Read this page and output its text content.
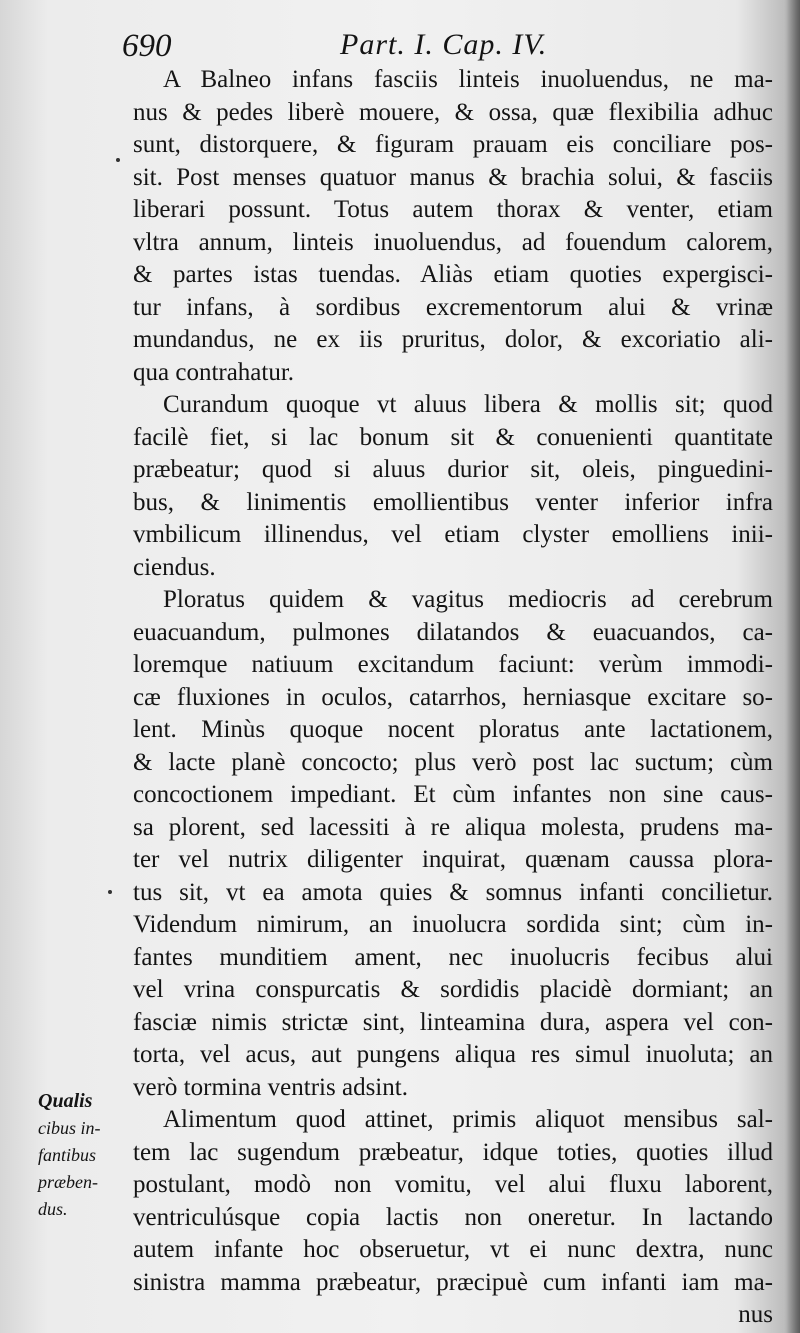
690	Part. I. Cap. IV.
A Balneo infans fasciis linteis inuoluendus, ne ma-
nus & pedes liberè mouere, & ossa, quæ flexibilia adhuc
sunt, distorquere, & figuram prauam eis conciliare pos-
sit. Post menses quatuor manus & brachia solui, & fasciis
liberari possunt. Totus autem thorax & venter, etiam
vltra annum, linteis inuoluendus, ad fouendum calorem,
& partes istas tuendas. Aliàs etiam quoties expergisci-
tur infans, à sordibus excrementorum alui & vrinæ
mundandus, ne ex iis pruritus, dolor, & excoriatio ali-
qua contrahatur.
Curandum quoque vt aluus libera & mollis sit; quod
facilè fiet, si lac bonum sit & conuenienti quantitate
præbeatur; quod si aluus durior sit, oleis, pinguedini-
bus, & linimentis emollientibus venter inferior infra
vmbilicum illinendus, vel etiam clyster emolliens inii-
ciendus.
Ploratus quidem & vagitus mediocris ad cerebrum
euacuandum, pulmones dilatandos & euacuandos, ca-
loremque natiuum excitandum faciunt: verùm immodi-
cæ fluxiones in oculos, catarrhos, herniasque excitare so-
lent. Minùs quoque nocent ploratus ante lactationem,
& lacte planè concocto; plus verò post lac suctum; cùm
concoctionem impediant. Et cùm infantes non sine caus-
sa plorent, sed lacessiti à re aliqua molesta, prudens ma-
ter vel nutrix diligenter inquirat, quænam caussa plora-
tus sit, vt ea amota quies & somnus infanti concilietur.
Videndum nimirum, an inuolucra sordida sint; cùm in-
fantes munditiem ament, nec inuolucris fecibus alui
vel vrina conspurcatis & sordidis placidè dormiant; an
fasciæ nimis strictæ sint, linteamina dura, aspera vel con-
torta, vel acus, aut pungens aliqua res simul inuoluta; an
verò tormina ventris adsint.
Alimentum quod attinet, primis aliquot mensibus sal-
tem lac sugendum præbeatur, idque toties, quoties illud
postulant, modò non vomitu, vel alui fluxu laborent,
ventriculúsque copia lactis non oneretur. In lactando
autem infante hoc obseruetur, vt ei nunc dextra, nunc
sinistra mamma præbeatur, præcipuè cum infanti iam ma-
nus
Qualis
cibus in-
fantibus
præben-
dus.
